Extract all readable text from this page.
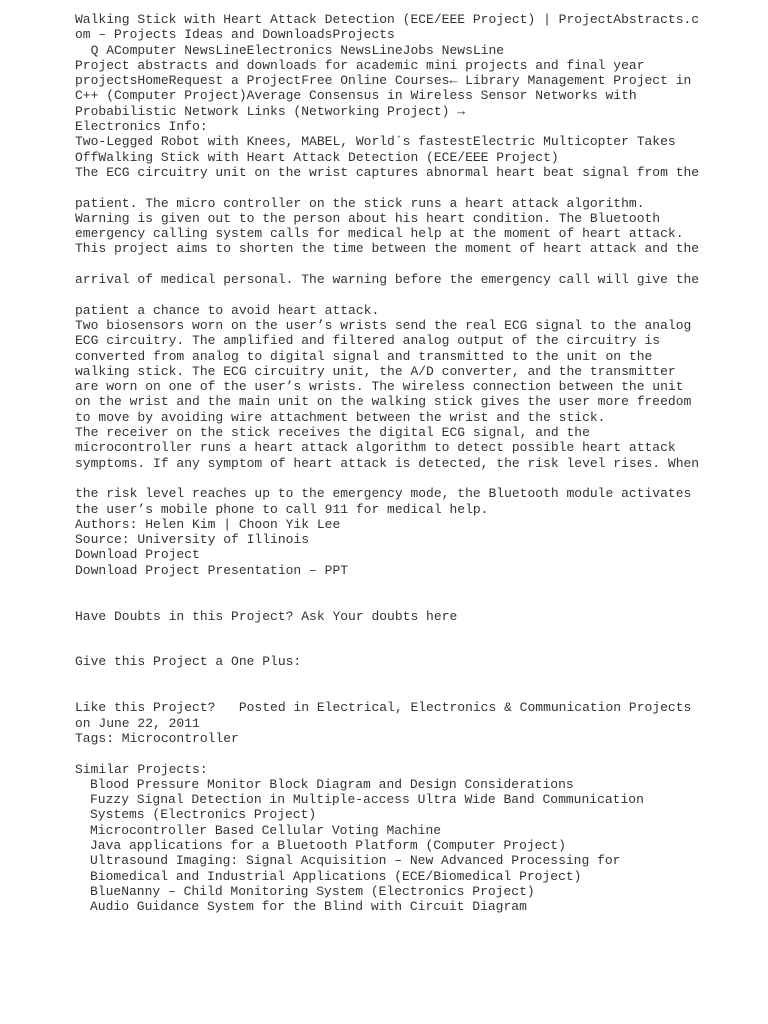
Walking Stick with Heart Attack Detection (ECE/EEE Project) | ProjectAbstracts.c
om – Projects Ideas and DownloadsProjects
Q AComputer NewsLineElectronics NewsLineJobs NewsLine
Project abstracts and downloads for academic mini projects and final year
projectsHomeRequest a ProjectFree Online Courses← Library Management Project in
C++ (Computer Project)Average Consensus in Wireless Sensor Networks with
Probabilistic Network Links (Networking Project) →
Electronics Info:
Two-Legged Robot with Knees, MABEL, World´s fastestElectric Multicopter Takes
OffWalking Stick with Heart Attack Detection (ECE/EEE Project)
The ECG circuitry unit on the wrist captures abnormal heart beat signal from the
patient. The micro controller on the stick runs a heart attack algorithm.
Warning is given out to the person about his heart condition. The Bluetooth
emergency calling system calls for medical help at the moment of heart attack.
This project aims to shorten the time between the moment of heart attack and the
arrival of medical personal. The warning before the emergency call will give the
patient a chance to avoid heart attack.
Two biosensors worn on the user’s wrists send the real ECG signal to the analog
ECG circuitry. The amplified and filtered analog output of the circuitry is
converted from analog to digital signal and transmitted to the unit on the
walking stick. The ECG circuitry unit, the A/D converter, and the transmitter
are worn on one of the user’s wrists. The wireless connection between the unit
on the wrist and the main unit on the walking stick gives the user more freedom
to move by avoiding wire attachment between the wrist and the stick.
The receiver on the stick receives the digital ECG signal, and the
microcontroller runs a heart attack algorithm to detect possible heart attack
symptoms. If any symptom of heart attack is detected, the risk level rises. When
the risk level reaches up to the emergency mode, the Bluetooth module activates
the user’s mobile phone to call 911 for medical help.
Authors: Helen Kim | Choon Yik Lee
Source: University of Illinois
Download Project
Download Project Presentation – PPT
Have Doubts in this Project? Ask Your doubts here
Give this Project a One Plus:
Like this Project?   Posted in Electrical, Electronics & Communication Projects
on June 22, 2011
Tags: Microcontroller
Similar Projects:
Blood Pressure Monitor Block Diagram and Design Considerations
Fuzzy Signal Detection in Multiple-access Ultra Wide Band Communication
Systems (Electronics Project)
Microcontroller Based Cellular Voting Machine
Java applications for a Bluetooth Platform (Computer Project)
Ultrasound Imaging: Signal Acquisition – New Advanced Processing for
Biomedical and Industrial Applications (ECE/Biomedical Project)
BlueNanny – Child Monitoring System (Electronics Project)
Audio Guidance System for the Blind with Circuit Diagram
